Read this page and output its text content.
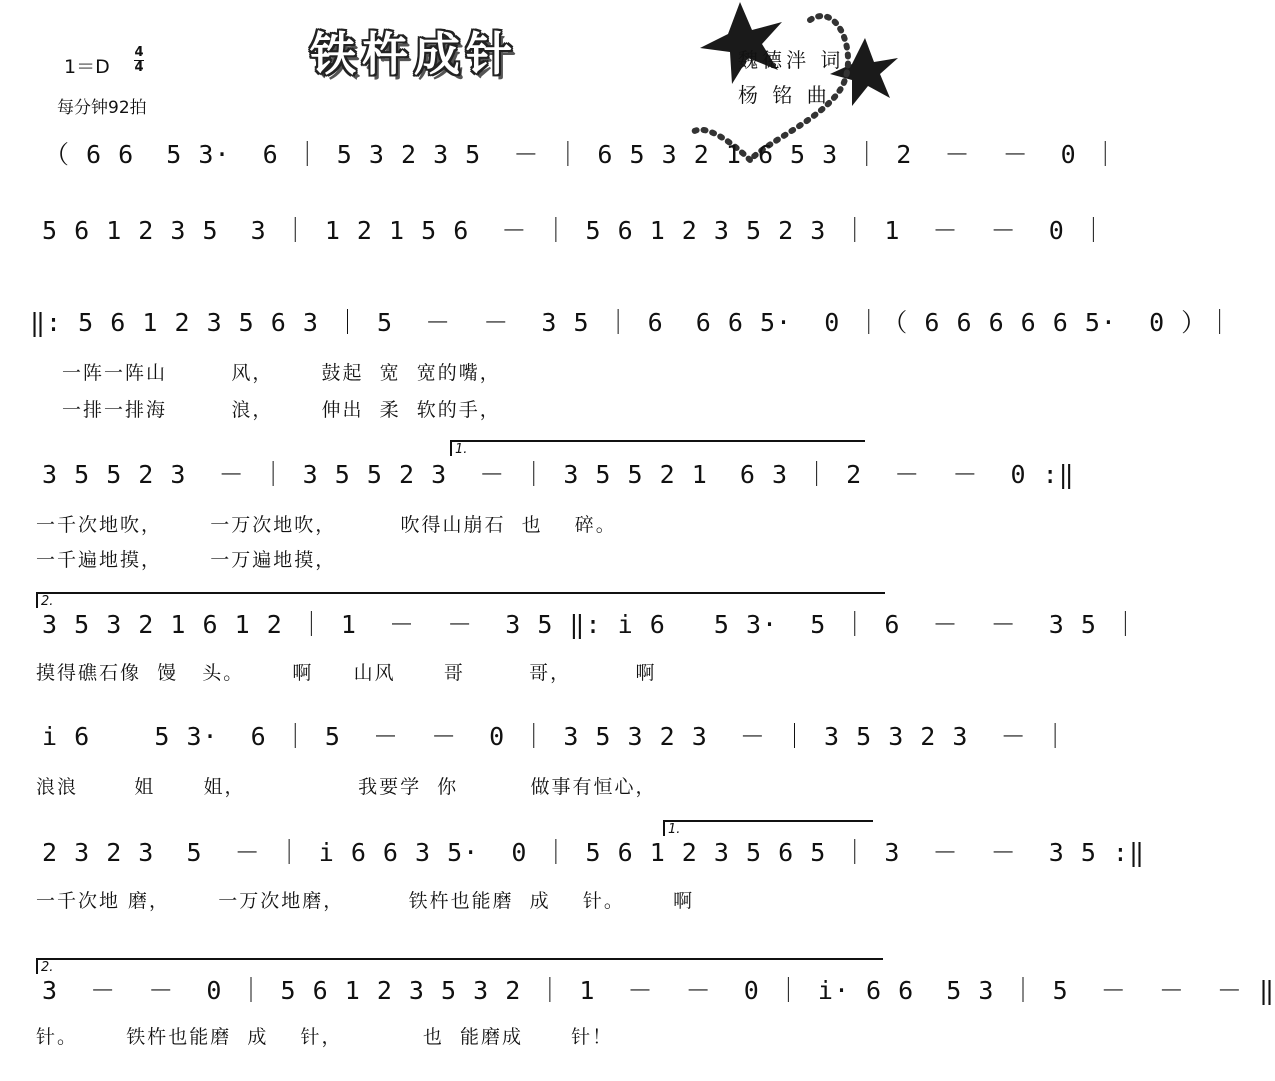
铁杵成针
1＝D
4
4
每分钟92拍
魏德泮 词
杨 铭 曲
（ 6 6  5 3·  6 ｜ 5 3 2 3 5  － ｜ 6 5 3 2 1 6 5 3 ｜ 2  －  －  0 ｜
5 6 1 2 3 5  3 ｜ 1 2 1 5 6  － ｜ 5 6 1 2 3 5 2 3 ｜ 1  －  －  0 ｜
‖: 5 6 1 2 3 5 6 3 ｜ 5  －  －  3 5 ｜ 6  6 6 5·  0 ｜（ 6 6 6 6 6 5·  0 ）｜
一阵一阵山        风，      鼓起  宽  宽的嘴，
一排一排海        浪，      伸出  柔  软的手，
1.
3 5 5 2 3  － ｜ 3 5 5 2 3  － ｜ 3 5 5 2 1  6 3 ｜ 2  －  －  0 :‖
一千次地吹，      一万次地吹，        吹得山崩石  也    碎。
一千遍地摸，      一万遍地摸，
2.
3 5 3 2 1 6 1 2 ｜ 1  －  －  3 5 ‖: i 6   5 3·  5 ｜ 6  －  －  3 5 ｜
摸得礁石像  馒   头。      啊     山风      哥        哥，        啊
i 6    5 3·  6 ｜ 5  －  －  0 ｜ 3 5 3 2 3  － ｜ 3 5 3 2 3  － ｜
浪浪       姐      姐，              我要学  你         做事有恒心，
1.
2 3 2 3  5  － ｜ i 6 6 3 5·  0 ｜ 5 6 1 2 3 5 6 5 ｜ 3  －  －  3 5 :‖
一千次地 磨，      一万次地磨，        铁杵也能磨  成    针。      啊
2.
3  －  －  0 ｜ 5 6 1 2 3 5 3 2 ｜ 1  －  －  0 ｜ i· 6 6  5 3 ｜ 5  －  －  － ‖
针。      铁杵也能磨  成    针，          也  能磨成      针！
